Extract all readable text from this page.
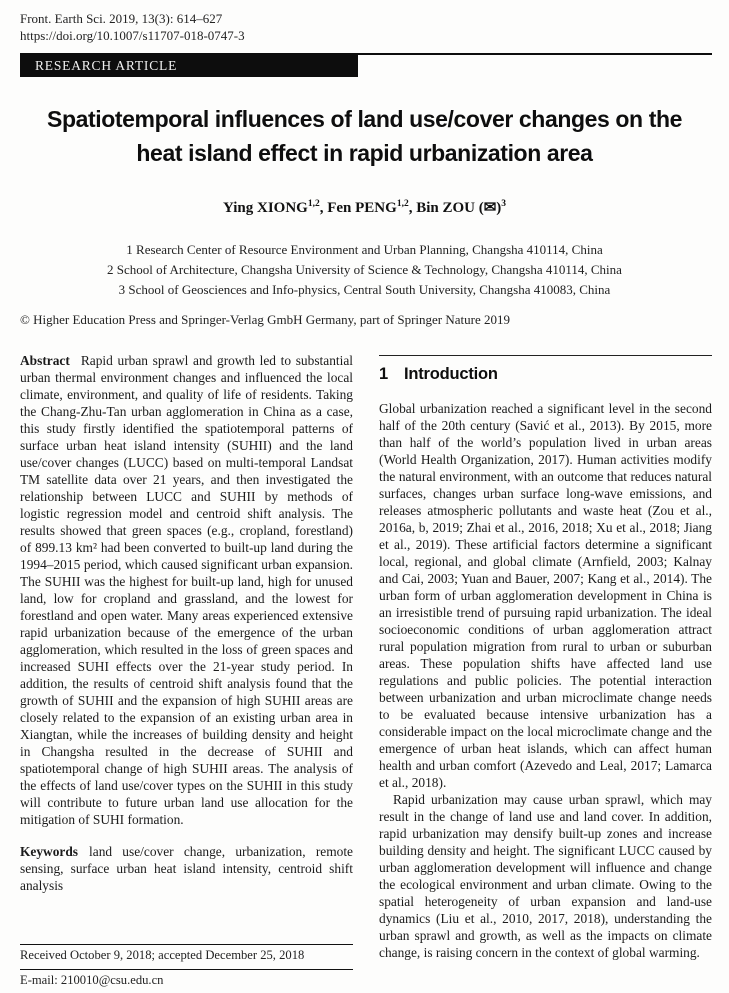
Front. Earth Sci. 2019, 13(3): 614–627
https://doi.org/10.1007/s11707-018-0747-3
RESEARCH ARTICLE
Spatiotemporal influences of land use/cover changes on the
heat island effect in rapid urbanization area
Ying XIONG$^{1,2}$, Fen PENG$^{1,2}$, Bin ZOU (✉)$^3$
1 Research Center of Resource Environment and Urban Planning, Changsha 410114, China
2 School of Architecture, Changsha University of Science & Technology, Changsha 410114, China
3 School of Geosciences and Info-physics, Central South University, Changsha 410083, China
© Higher Education Press and Springer-Verlag GmbH Germany, part of Springer Nature 2019

Abstract Rapid urban sprawl and growth led to substantial urban thermal environment changes and influenced the local climate, environment, and quality of life of residents. Taking the Chang-Zhu-Tan urban agglomeration in China as a case, this study firstly identified the spatiotemporal patterns of surface urban heat island intensity (SUHII) and the land use/cover changes (LUCC) based on multi-temporal Landsat TM satellite data over 21 years, and then investigated the relationship between LUCC and SUHII by methods of logistic regression model and centroid shift analysis. The results showed that green spaces (e.g., cropland, forestland) of 899.13 km² had been converted to built-up land during the 1994–2015 period, which caused significant urban expansion. The SUHII was the highest for built-up land, high for unused land, low for cropland and grassland, and the lowest for forestland and open water. Many areas experienced extensive rapid urbanization because of the emergence of the urban agglomeration, which resulted in the loss of green spaces and increased SUHI effects over the 21-year study period. In addition, the results of centroid shift analysis found that the growth of SUHII and the expansion of high SUHII areas are closely related to the expansion of an existing urban area in Xiangtan, while the increases of building density and height in Changsha resulted in the decrease of SUHII and spatiotemporal change of high SUHII areas. The analysis of the effects of land use/cover types on the SUHII in this study will contribute to future urban land use allocation for the mitigation of SUHI formation.

Keywords land use/cover change, urbanization, remote sensing, surface urban heat island intensity, centroid shift analysis

Received October 9, 2018; accepted December 25, 2018
E-mail: 210010@csu.edu.cn
1 Introduction

Global urbanization reached a significant level in the second half of the 20th century (Savić et al., 2013). By 2015, more than half of the world’s population lived in urban areas (World Health Organization, 2017). Human activities modify the natural environment, with an outcome that reduces natural surfaces, changes urban surface long-wave emissions, and releases atmospheric pollutants and waste heat (Zou et al., 2016a, b, 2019; Zhai et al., 2016, 2018; Xu et al., 2018; Jiang et al., 2019). These artificial factors determine a significant local, regional, and global climate (Arnfield, 2003; Kalnay and Cai, 2003; Yuan and Bauer, 2007; Kang et al., 2014). The urban form of urban agglomeration development in China is an irresistible trend of pursuing rapid urbanization. The ideal socioeconomic conditions of urban agglomeration attract rural population migration from rural to urban or suburban areas. These population shifts have affected land use regulations and public policies. The potential interaction between urbanization and urban microclimate change needs to be evaluated because intensive urbanization has a considerable impact on the local microclimate change and the emergence of urban heat islands, which can affect human health and urban comfort (Azevedo and Leal, 2017; Lamarca et al., 2018).

Rapid urbanization may cause urban sprawl, which may result in the change of land use and land cover. In addition, rapid urbanization may densify built-up zones and increase building density and height. The significant LUCC caused by urban agglomeration development will influence and change the ecological environment and urban climate. Owing to the spatial heterogeneity of urban expansion and land-use dynamics (Liu et al., 2010, 2017, 2018), understanding the urban sprawl and growth, as well as the impacts on climate change, is raising concern in the context of global warming.
